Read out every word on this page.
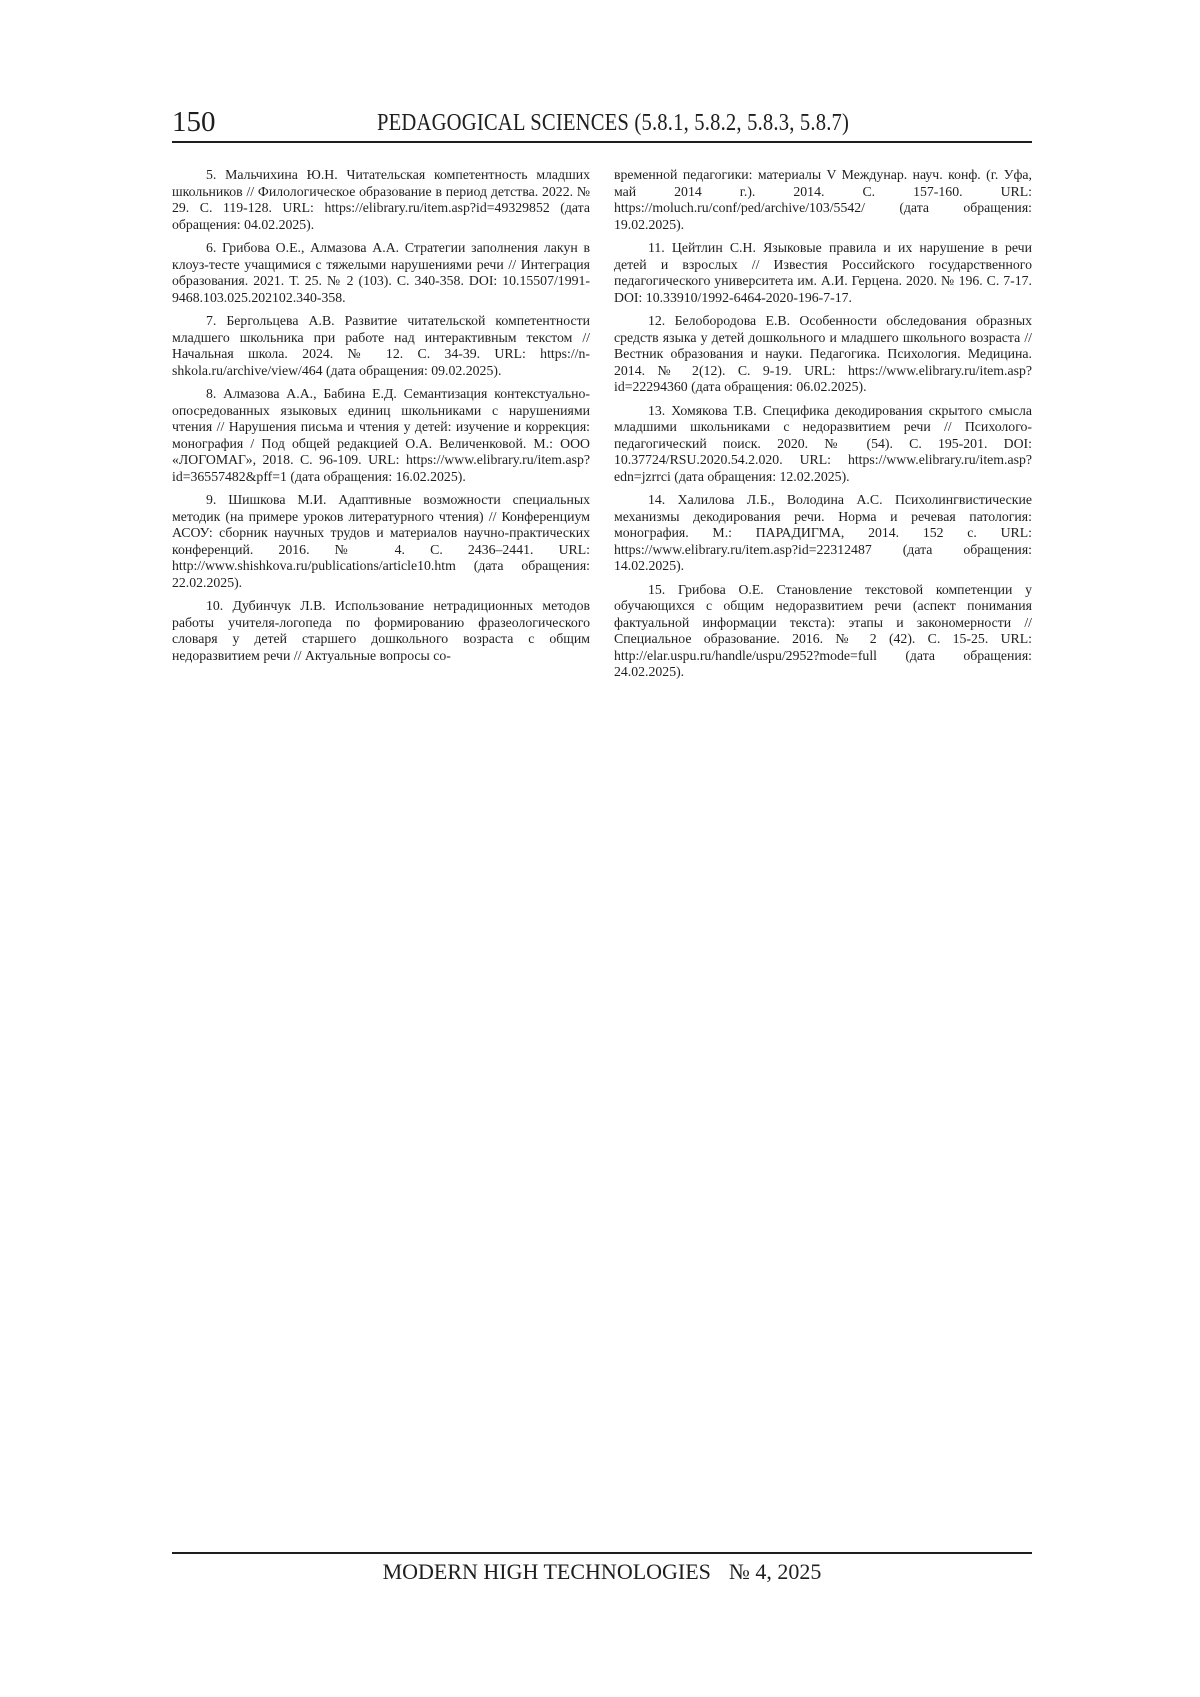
150	PEDAGOGICAL SCIENCES (5.8.1, 5.8.2, 5.8.3, 5.8.7)

5. Мальчихина Ю.Н. Читательская компетентность младших школьников // Филологическое образование в период детства. 2022. № 29. С. 119-128. URL: https://elibrary.ru/item.asp?id=49329852 (дата обращения: 04.02.2025).

6. Грибова О.Е., Алмазова А.А. Стратегии заполнения лакун в клоуз-тесте учащимися с тяжелыми нарушениями речи // Интеграция образования. 2021. Т. 25. № 2 (103). С. 340-358. DOI: 10.15507/1991-9468.103.025.202102.340-358.

7. Бергольцева А.В. Развитие читательской компетентности младшего школьника при работе над интерактивным текстом // Начальная школа. 2024. № 12. С. 34-39. URL: https://n-shkola.ru/archive/view/464 (дата обращения: 09.02.2025).

8. Алмазова А.А., Бабина Е.Д. Семантизация контекстуально-опосредованных языковых единиц школьниками с нарушениями чтения // Нарушения письма и чтения у детей: изучение и коррекция: монография / Под общей редакцией О.А. Величенковой. М.: ООО «ЛОГОМАГ», 2018. С. 96-109. URL: https://www.elibrary.ru/item.asp?id=36557482&pff=1 (дата обращения: 16.02.2025).

9. Шишкова М.И. Адаптивные возможности специальных методик (на примере уроков литературного чтения) // Конференциум АСОУ: сборник научных трудов и материалов научно-практических конференций. 2016. № 4. С. 2436–2441. URL: http://www.shishkova.ru/publications/article10.htm (дата обращения: 22.02.2025).

10. Дубинчук Л.В. Использование нетрадиционных методов работы учителя-логопеда по формированию фразеологического словаря у детей старшего дошкольного возраста с общим недоразвитием речи // Актуальные вопросы со-

временной педагогики: материалы V Междунар. науч. конф. (г. Уфа, май 2014 г.). 2014. С. 157-160. URL: https://moluch.ru/conf/ped/archive/103/5542/ (дата обращения: 19.02.2025).

11. Цейтлин С.Н. Языковые правила и их нарушение в речи детей и взрослых // Известия Российского государственного педагогического университета им. А.И. Герцена. 2020. № 196. С. 7-17. DOI: 10.33910/1992-6464-2020-196-7-17.

12. Белобородова Е.В. Особенности обследования образных средств языка у детей дошкольного и младшего школьного возраста // Вестник образования и науки. Педагогика. Психология. Медицина. 2014. № 2(12). С. 9-19. URL: https://www.elibrary.ru/item.asp?id=22294360 (дата обращения: 06.02.2025).

13. Хомякова Т.В. Специфика декодирования скрытого смысла младшими школьниками с недоразвитием речи // Психолого-педагогический поиск. 2020. № (54). С. 195-201. DOI: 10.37724/RSU.2020.54.2.020. URL: https://www.elibrary.ru/item.asp?edn=jzrrci (дата обращения: 12.02.2025).

14. Халилова Л.Б., Володина А.С. Психолингвистические механизмы декодирования речи. Норма и речевая патология: монография. М.: ПАРАДИГМА, 2014. 152 с. URL: https://www.elibrary.ru/item.asp?id=22312487 (дата обращения: 14.02.2025).

15. Грибова О.Е. Становление текстовой компетенции у обучающихся с общим недоразвитием речи (аспект понимания фактуальной информации текста): этапы и закономерности // Специальное образование. 2016. № 2 (42). С. 15-25. URL: http://elar.uspu.ru/handle/uspu/2952?mode=full (дата обращения: 24.02.2025).

MODERN HIGH TECHNOLOGIES № 4, 2025
